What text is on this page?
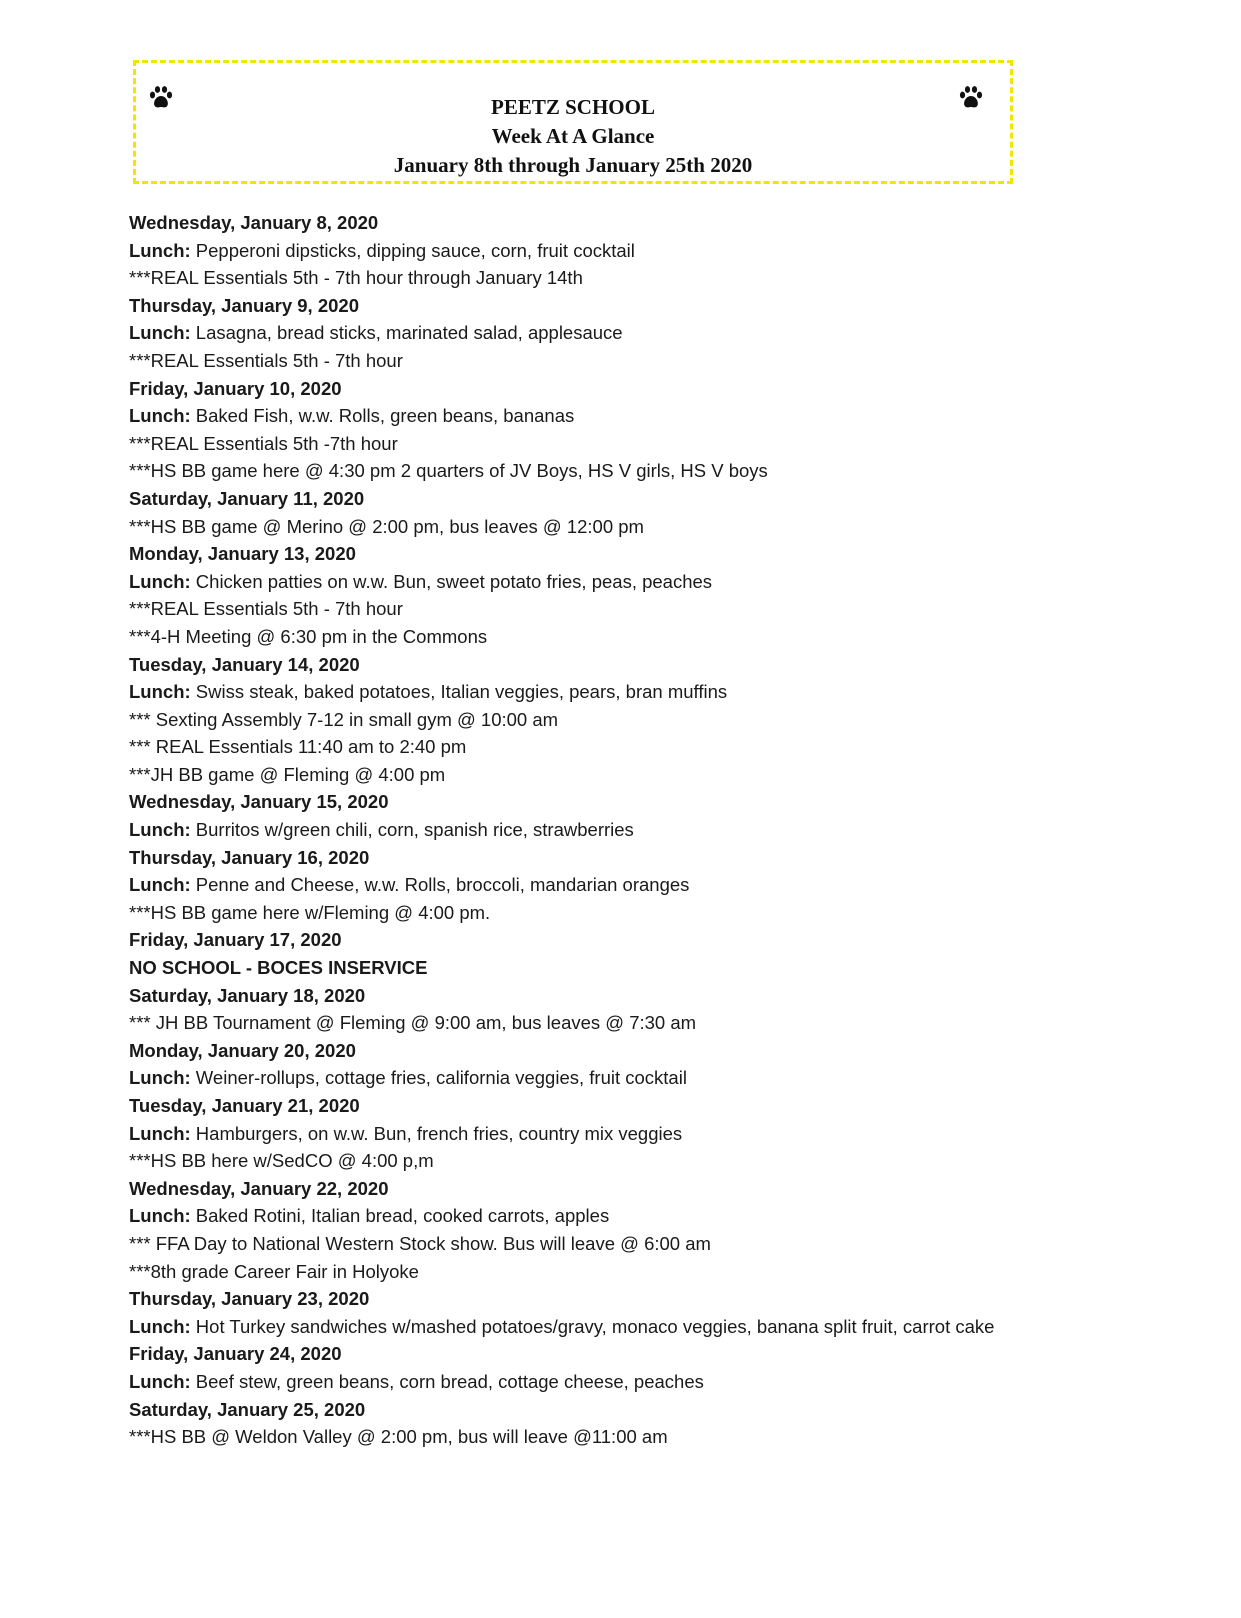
PEETZ SCHOOL
Week At A Glance
January 8th through January 25th 2020
Wednesday, January 8, 2020
Lunch: Pepperoni dipsticks, dipping sauce, corn, fruit cocktail
***REAL Essentials 5th - 7th hour through January 14th
Thursday, January 9, 2020
Lunch: Lasagna, bread sticks, marinated salad, applesauce
***REAL Essentials 5th - 7th hour
Friday, January 10, 2020
Lunch: Baked Fish, w.w. Rolls, green beans, bananas
***REAL Essentials 5th -7th hour
***HS BB game here @ 4:30 pm 2 quarters of JV Boys, HS V girls, HS V boys
Saturday, January 11, 2020
***HS BB game @ Merino @ 2:00 pm, bus leaves @ 12:00 pm
Monday, January 13, 2020
Lunch: Chicken patties on w.w. Bun, sweet potato fries, peas, peaches
***REAL Essentials 5th - 7th hour
***4-H Meeting @ 6:30 pm in the Commons
Tuesday, January 14, 2020
Lunch: Swiss steak, baked potatoes, Italian veggies, pears, bran muffins
*** Sexting Assembly 7-12 in small gym @ 10:00 am
*** REAL Essentials 11:40 am to 2:40 pm
***JH BB game @ Fleming @ 4:00 pm
Wednesday, January 15, 2020
Lunch: Burritos w/green chili, corn, spanish rice, strawberries
Thursday, January 16, 2020
Lunch: Penne and Cheese, w.w. Rolls, broccoli, mandarian oranges
***HS BB game here w/Fleming @ 4:00 pm.
Friday, January 17, 2020
NO SCHOOL - BOCES INSERVICE
Saturday, January 18, 2020
*** JH BB Tournament @ Fleming @ 9:00 am, bus leaves @ 7:30 am
Monday, January 20, 2020
Lunch: Weiner-rollups, cottage fries, california veggies, fruit cocktail
Tuesday, January 21, 2020
Lunch: Hamburgers, on w.w. Bun, french fries, country mix veggies
***HS BB here w/SedCO @ 4:00 p,m
Wednesday, January 22, 2020
Lunch: Baked Rotini, Italian bread, cooked carrots, apples
*** FFA Day to National Western Stock show. Bus will leave @ 6:00 am
***8th grade Career Fair in Holyoke
Thursday, January 23, 2020
Lunch: Hot Turkey sandwiches w/mashed potatoes/gravy, monaco veggies, banana split fruit, carrot cake
Friday, January 24, 2020
Lunch: Beef stew, green beans, corn bread, cottage cheese, peaches
Saturday, January 25, 2020
***HS BB @ Weldon Valley @ 2:00 pm, bus will leave @11:00 am
